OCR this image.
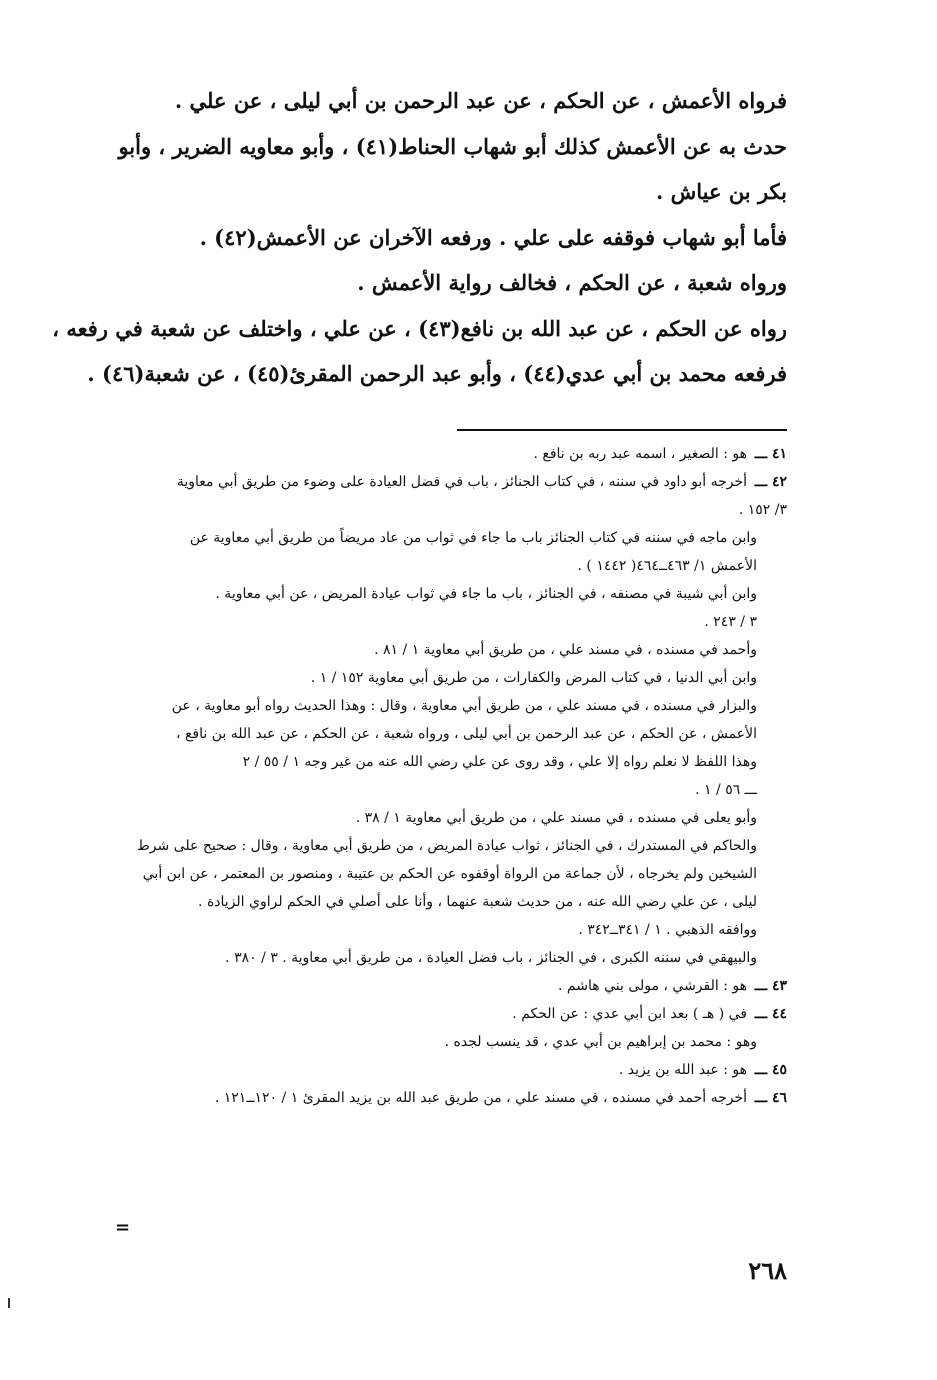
فرواه الأعمش ، عن الحكم ، عن عبد الرحمن بن أبي ليلى ، عن علي .
حدث به عن الأعمش كذلك أبو شهاب الحناط(٤١) ، وأبو معاويه الضرير ، وأبو
بكر بن عياش .
فأما أبو شهاب فوقفه على علي . ورفعه الآخران عن الأعمش(٤٢) .
ورواه شعبة ، عن الحكم ، فخالف رواية الأعمش .
رواه عن الحكم ، عن عبد الله بن نافع(٤٣) ، عن علي ، واختلف عن شعبة في رفعه ،
فرفعه محمد بن أبي عدي(٤٤) ، وأبو عبد الرحمن المقرئ(٤٥) ، عن شعبة(٤٦) .
٤١ ـــهو : الصغير ، اسمه عبد ربه بن نافع .
٤٢ ـــأخرجه أبو داود في سننه ، في كتاب الجنائز ، باب في فضل العيادة على وضوء من طريق أبي معاوية
٣/ ١٥٢ .
وابن ماجه في سننه في كتاب الجنائز باب ما جاء في ثواب من عاد مريضاً من طريق أبي معاوية عن
الأعمش ١/ ٤٦٣ــ٤٦٤( ١٤٤٢ ) .
وابن أبي شيبة في مصنفه ، في الجنائز ، باب ما جاء في ثواب عيادة المريض ، عن أبي معاوية .
٣ / ٢٤٣ .
وأحمد في مسنده ، في مسند علي ، من طريق أبي معاوية ١ / ٨١ .
وابن أبي الدنيا ، في كتاب المرض والكفارات ، من طريق أبي معاوية ١٥٢ / ١ .
والبزار في مسنده ، في مسند علي ، من طريق أبي معاوية ، وقال : وهذا الحديث رواه أبو معاوية ، عن
الأعمش ، عن الحكم ، عن عبد الرحمن بن أبي ليلى ، ورواه شعبة ، عن الحكم ، عن عبد الله بن نافع ،
وهذا اللفظ لا نعلم رواه إلا علي ، وقد روى عن علي رضي الله عنه من غير وجه ١ / ٥٥ / ٢
ـــ ٥٦ / ١ .
وأبو يعلى في مسنده ، في مسند علي ، من طريق أبي معاوية ١ / ٣٨ .
والحاكم في المستدرك ، في الجنائز ، ثواب عيادة المريض ، من طريق أبي معاوية ، وقال : صحيح على شرط
الشيخين ولم يخرجاه ، لأن جماعة من الرواة أوقفوه عن الحكم بن عتيبة ، ومنصور بن المعتمر ، عن ابن أبي
ليلى ، عن علي رضي الله عنه ، من حديث شعبة عنهما ، وأنا على أصلي في الحكم لراوي الزيادة .
ووافقه الذهبي . ١ / ٣٤١ــ٣٤٢ .
والبيهقي في سننه الكبرى ، في الجنائز ، باب فضل العيادة ، من طريق أبي معاوية . ٣ / ٣٨٠ .
٤٣ ـــهو : القرشي ، مولى بني هاشم .
٤٤ ـــفي ( هـ ) بعد ابن أبي عدي : عن الحكم .
وهو : محمد بن إبراهيم بن أبي عدي ، قد ينسب لجده .
٤٥ ـــهو : عبد الله بن يزيد .
٤٦ ـــأخرجه أحمد في مسنده ، في مسند علي ، من طريق عبد الله بن يزيد المقرئ ١ / ١٢٠ــ١٢١ .
=
٢٦٨
